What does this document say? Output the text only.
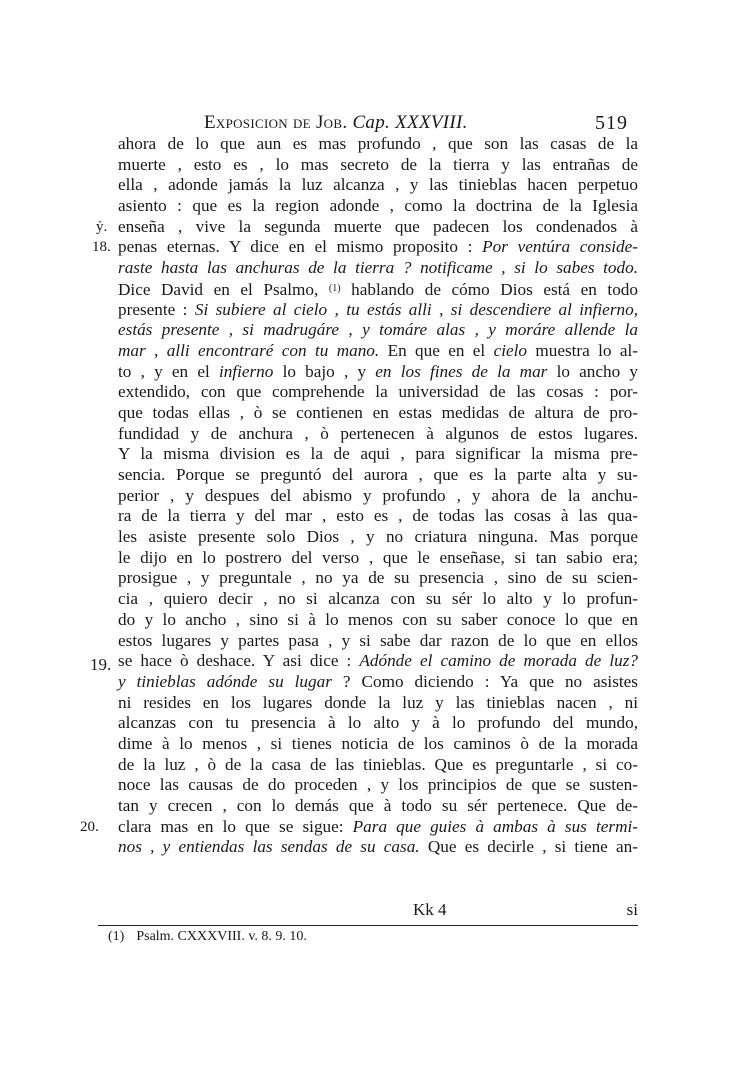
Exposicion de Job. Cap. XXXVIII.	519
ahora de lo que aun es mas profundo , que son las casas de la
muerte , esto es , lo mas secreto de la tierra y las entrañas de
ella , adonde jamás la luz alcanza , y las tinieblas hacen perpetuo
asiento : que es la region adonde , como la doctrina de la Iglesia
ỷ. enseña , vive la segunda muerte que padecen los condenados à
18. penas eternas. Y dice en el mismo proposito : Por ventúra conside-
raste hasta las anchuras de la tierra ? notificame , si lo sabes todo.
Dice David en el Psalmo, $^{(1)}$ hablando de cómo Dios está en todo
presente : Si subiere al cielo , tu estás alli , si descendiere al infierno,
estás presente , si madrugáre , y tomáre alas , y moráre allende la
mar , alli encontraré con tu mano. En que en el cielo muestra lo al-
to , y en el infierno lo bajo , y en los fines de la mar lo ancho y
extendido, con que comprehende la universidad de las cosas : por-
que todas ellas , ò se contienen en estas medidas de altura de pro-
fundidad y de anchura , ò pertenecen à algunos de estos lugares.
Y la misma division es la de aqui , para significar la misma pre-
sencia. Porque se preguntó del aurora , que es la parte alta y su-
perior , y despues del abismo y profundo , y ahora de la anchu-
ra de la tierra y del mar , esto es , de todas las cosas à las qua-
les asiste presente solo Dios , y no criatura ninguna. Mas porque
le dijo en lo postrero del verso , que le enseñase, si tan sabio era;
prosigue , y preguntale , no ya de su presencia , sino de su scien-
cia , quiero decir , no si alcanza con su sér lo alto y lo profun-
do y lo ancho , sino si à lo menos con su saber conoce lo que en
estos lugares y partes pasa , y si sabe dar razon de lo que en ellos
19. se hace ò deshace. Y asi dice : Adónde el camino de morada de luz?
y tinieblas adónde su lugar ? Como diciendo : Ya que no asistes
ni resides en los lugares donde la luz y las tinieblas nacen , ni
alcanzas con tu presencia à lo alto y à lo profundo del mundo,
dime à lo menos , si tienes noticia de los caminos ò de la morada
de la luz , ò de la casa de las tinieblas. Que es preguntarle , si co-
noce las causas de do proceden , y los principios de que se susten-
tan y crecen , con lo demás que à todo su sér pertenece. Que de-
20. clara mas en lo que se sigue: Para que guies à ambas à sus termi-
nos , y entiendas las sendas de su casa. Que es decirle , si tiene an-
Kk 4	si
(1) Psalm. CXXXVIII. v. 8. 9. 10.
